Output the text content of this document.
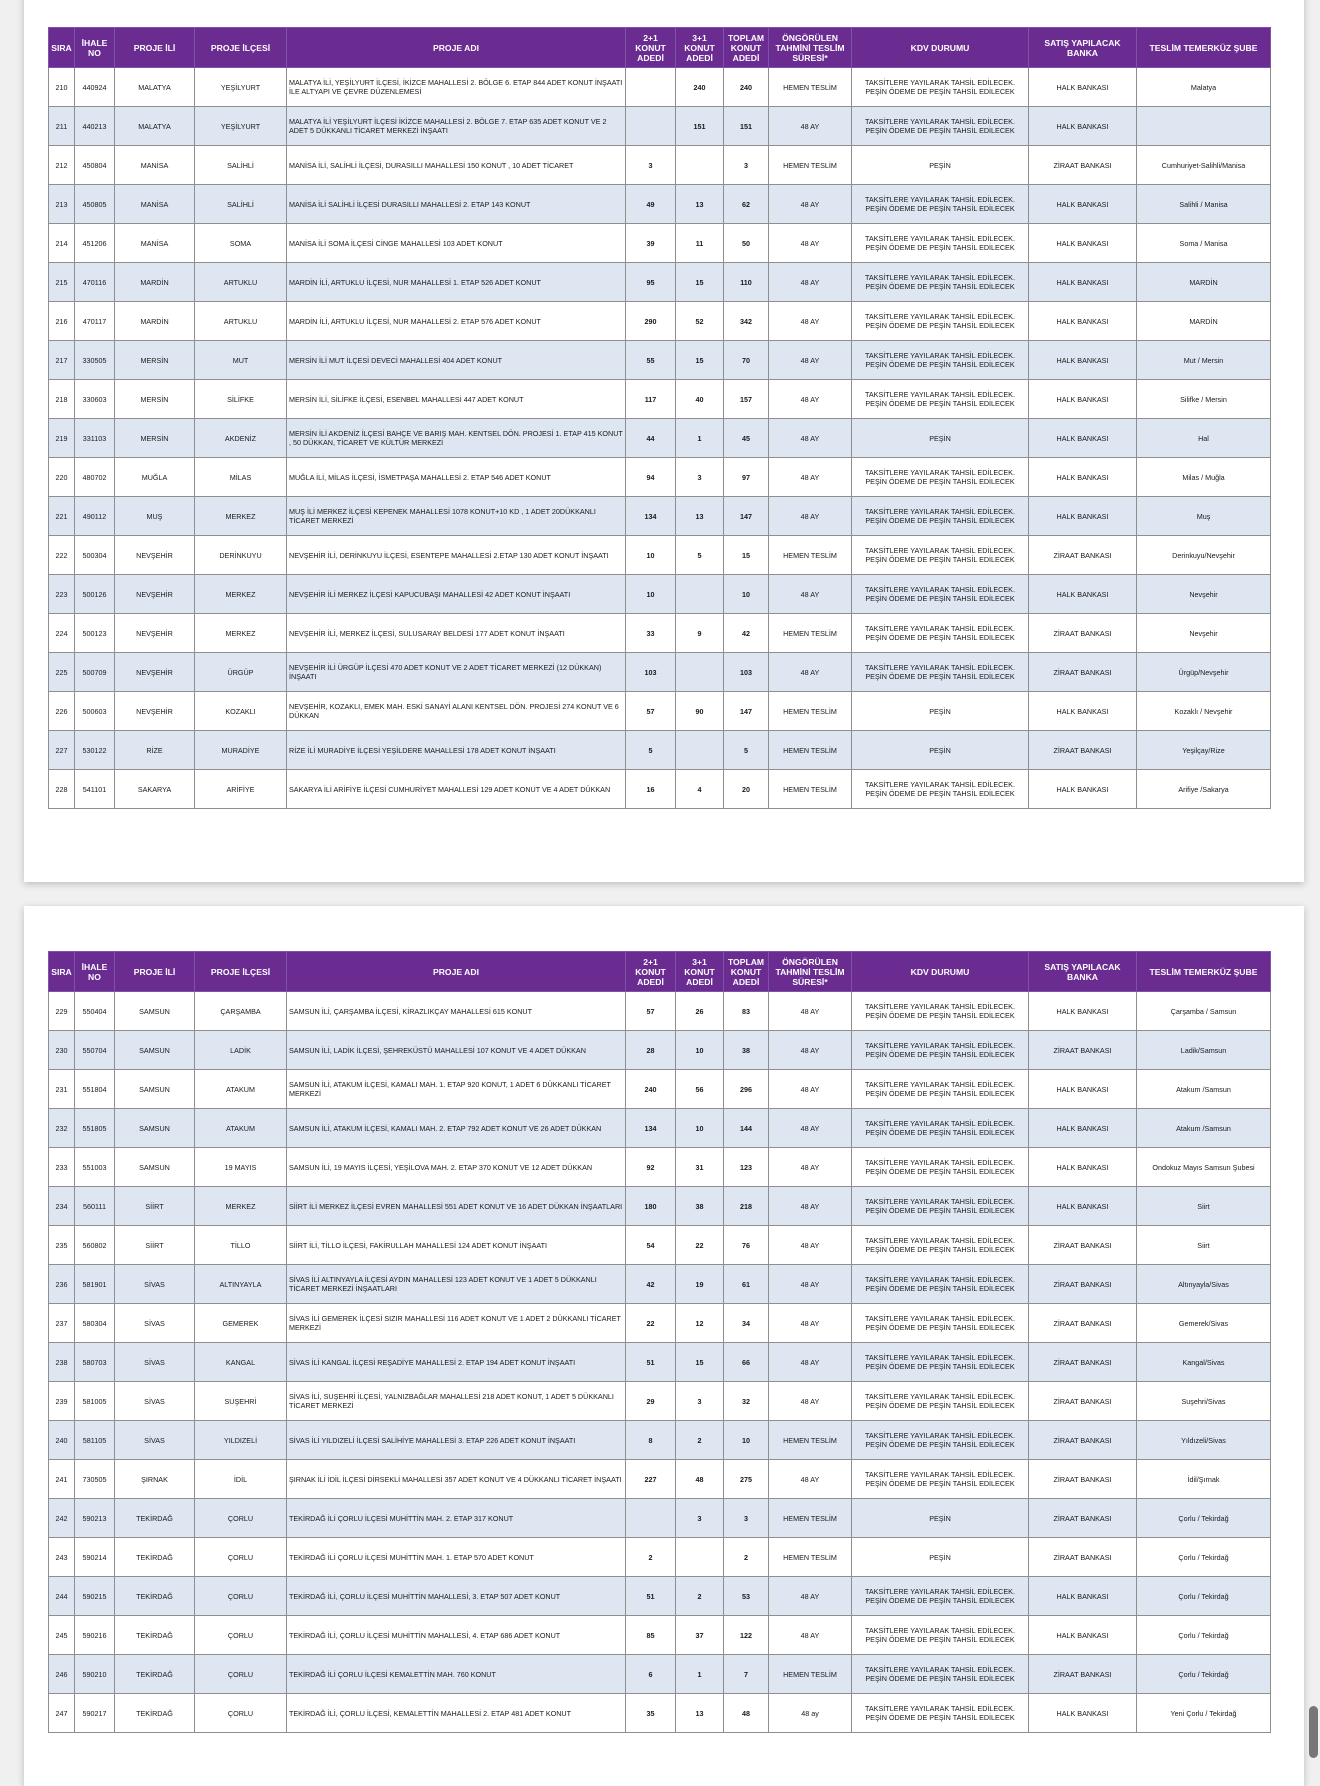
SIRA	İHALE NO	PROJE İLİ	PROJE İLÇESİ	PROJE ADI	2+1 KONUT ADEDİ	3+1 KONUT ADEDİ	TOPLAM KONUT ADEDİ	ÖNGÖRÜLEN TAHMİNİ TESLİM SÜRESİ*	KDV DURUMU	SATIŞ YAPILACAK BANKA	TESLİM TEMERKÜZ ŞUBE
210	440924	MALATYA	YEŞİLYURT	MALATYA İLİ, YEŞİLYURT İLÇESİ, İKİZCE MAHALLESİ 2. BÖLGE 6. ETAP 844 ADET KONUT İNŞAATI İLE ALTYAPI VE ÇEVRE DÜZENLEMESİ		240	240	HEMEN TESLİM	TAKSİTLERE YAYILARAK TAHSİL EDİLECEK. PEŞİN ÖDEME DE PEŞİN TAHSİL EDİLECEK	HALK BANKASI	Malatya
211	440213	MALATYA	YEŞİLYURT	MALATYA İLİ YEŞİLYURT İLÇESİ İKİZCE MAHALLESİ 2. BÖLGE 7. ETAP 635 ADET KONUT VE 2 ADET 5 DÜKKANLI TİCARET MERKEZİ İNŞAATI		151	151	48 AY	TAKSİTLERE YAYILARAK TAHSİL EDİLECEK. PEŞİN ÖDEME DE PEŞİN TAHSİL EDİLECEK	HALK BANKASI	
212	450804	MANİSA	SALİHLİ	MANİSA İLİ, SALİHLİ İLÇESİ, DURASILLI MAHALLESİ 150 KONUT , 10 ADET TİCARET	3		3	HEMEN TESLİM	PEŞİN	ZİRAAT BANKASI	Cumhuriyet-Salihli/Manisa
213	450805	MANİSA	SALİHLİ	MANİSA İLİ SALİHLİ İLÇESİ DURASILLI MAHALLESİ 2. ETAP 143 KONUT	49	13	62	48 AY	TAKSİTLERE YAYILARAK TAHSİL EDİLECEK. PEŞİN ÖDEME DE PEŞİN TAHSİL EDİLECEK	HALK BANKASI	Salihli / Manisa
214	451206	MANİSA	SOMA	MANİSA İLİ SOMA İLÇESİ CİNGE MAHALLESİ 103 ADET KONUT	39	11	50	48 AY	TAKSİTLERE YAYILARAK TAHSİL EDİLECEK. PEŞİN ÖDEME DE PEŞİN TAHSİL EDİLECEK	HALK BANKASI	Soma / Manisa
215	470116	MARDİN	ARTUKLU	MARDİN İLİ, ARTUKLU İLÇESİ, NUR MAHALLESİ 1. ETAP 526 ADET KONUT	95	15	110	48 AY	TAKSİTLERE YAYILARAK TAHSİL EDİLECEK. PEŞİN ÖDEME DE PEŞİN TAHSİL EDİLECEK	HALK BANKASI	MARDİN
216	470117	MARDİN	ARTUKLU	MARDİN İLİ, ARTUKLU İLÇESİ, NUR MAHALLESİ 2. ETAP 576 ADET KONUT	290	52	342	48 AY	TAKSİTLERE YAYILARAK TAHSİL EDİLECEK. PEŞİN ÖDEME DE PEŞİN TAHSİL EDİLECEK	HALK BANKASI	MARDİN
217	330505	MERSİN	MUT	MERSİN İLİ MUT İLÇESİ DEVECİ MAHALLESİ 404 ADET KONUT	55	15	70	48 AY	TAKSİTLERE YAYILARAK TAHSİL EDİLECEK. PEŞİN ÖDEME DE PEŞİN TAHSİL EDİLECEK	HALK BANKASI	Mut / Mersin
218	330603	MERSİN	SİLİFKE	MERSİN İLİ, SİLİFKE İLÇESİ, ESENBEL MAHALLESİ 447 ADET KONUT	117	40	157	48 AY	TAKSİTLERE YAYILARAK TAHSİL EDİLECEK. PEŞİN ÖDEME DE PEŞİN TAHSİL EDİLECEK	HALK BANKASI	Silifke / Mersin
219	331103	MERSİN	AKDENİZ	MERSİN İLİ AKDENİZ İLÇESİ BAHÇE VE BARIŞ MAH. KENTSEL DÖN. PROJESİ 1. ETAP 415 KONUT , 50 DÜKKAN, TİCARET VE KÜLTÜR MERKEZİ	44	1	45	48 AY	PEŞİN	HALK BANKASI	Hal
220	480702	MUĞLA	MİLAS	MUĞLA İLİ, MİLAS İLÇESİ, İSMETPAŞA MAHALLESİ 2. ETAP 546 ADET KONUT	94	3	97	48 AY	TAKSİTLERE YAYILARAK TAHSİL EDİLECEK. PEŞİN ÖDEME DE PEŞİN TAHSİL EDİLECEK	HALK BANKASI	Milas / Muğla
221	490112	MUŞ	MERKEZ	MUŞ İLİ MERKEZ İLÇESİ KEPENEK MAHALLESİ 1078 KONUT+10 KD , 1 ADET 20DÜKKANLI TİCARET MERKEZİ	134	13	147	48 AY	TAKSİTLERE YAYILARAK TAHSİL EDİLECEK. PEŞİN ÖDEME DE PEŞİN TAHSİL EDİLECEK	HALK BANKASI	Muş
222	500304	NEVŞEHİR	DERİNKUYU	NEVŞEHİR İLİ, DERİNKUYU İLÇESİ, ESENTEPE MAHALLESİ 2.ETAP 130 ADET KONUT İNŞAATI	10	5	15	HEMEN TESLİM	TAKSİTLERE YAYILARAK TAHSİL EDİLECEK. PEŞİN ÖDEME DE PEŞİN TAHSİL EDİLECEK	ZİRAAT BANKASI	Derinkuyu/Nevşehir
223	500126	NEVŞEHİR	MERKEZ	NEVŞEHİR İLİ MERKEZ İLÇESİ KAPUCUBAŞI MAHALLESİ 42 ADET KONUT İNŞAATI	10		10	48 AY	TAKSİTLERE YAYILARAK TAHSİL EDİLECEK. PEŞİN ÖDEME DE PEŞİN TAHSİL EDİLECEK	HALK BANKASI	Nevşehir
224	500123	NEVŞEHİR	MERKEZ	NEVŞEHİR İLİ, MERKEZ İLÇESİ, SULUSARAY BELDESİ 177 ADET KONUT İNŞAATI	33	9	42	HEMEN TESLİM	TAKSİTLERE YAYILARAK TAHSİL EDİLECEK. PEŞİN ÖDEME DE PEŞİN TAHSİL EDİLECEK	ZİRAAT BANKASI	Nevşehir
225	500709	NEVŞEHİR	ÜRGÜP	NEVŞEHİR İLİ ÜRGÜP İLÇESİ 470 ADET KONUT VE 2 ADET TİCARET MERKEZİ (12 DÜKKAN) İNŞAATI	103		103	48 AY	TAKSİTLERE YAYILARAK TAHSİL EDİLECEK. PEŞİN ÖDEME DE PEŞİN TAHSİL EDİLECEK	ZİRAAT BANKASI	Ürgüp/Nevşehir
226	500603	NEVŞEHİR	KOZAKLI	NEVŞEHİR, KOZAKLI, EMEK MAH. ESKİ SANAYİ ALANI KENTSEL DÖN. PROJESİ 274 KONUT VE 6 DÜKKAN	57	90	147	HEMEN TESLİM	PEŞİN	HALK BANKASI	Kozaklı / Nevşehir
227	530122	RİZE	MURADİYE	RİZE İLİ MURADİYE İLÇESİ YEŞİLDERE MAHALLESİ 178 ADET KONUT İNŞAATI	5		5	HEMEN TESLİM	PEŞİN	ZİRAAT BANKASI	Yeşilçay/Rize
228	541101	SAKARYA	ARİFİYE	SAKARYA İLİ ARİFİYE İLÇESİ CUMHURİYET MAHALLESİ 129 ADET KONUT VE 4 ADET DÜKKAN	16	4	20	HEMEN TESLİM	TAKSİTLERE YAYILARAK TAHSİL EDİLECEK. PEŞİN ÖDEME DE PEŞİN TAHSİL EDİLECEK	HALK BANKASI	Arifiye /Sakarya
SIRA	İHALE NO	PROJE İLİ	PROJE İLÇESİ	PROJE ADI	2+1 KONUT ADEDİ	3+1 KONUT ADEDİ	TOPLAM KONUT ADEDİ	ÖNGÖRÜLEN TAHMİNİ TESLİM SÜRESİ*	KDV DURUMU	SATIŞ YAPILACAK BANKA	TESLİM TEMERKÜZ ŞUBE
229	550404	SAMSUN	ÇARŞAMBA	SAMSUN İLİ, ÇARŞAMBA İLÇESİ, KİRAZLIKÇAY MAHALLESİ 615 KONUT	57	26	83	48 AY	TAKSİTLERE YAYILARAK TAHSİL EDİLECEK. PEŞİN ÖDEME DE PEŞİN TAHSİL EDİLECEK	HALK BANKASI	Çarşamba / Samsun
230	550704	SAMSUN	LADİK	SAMSUN İLİ, LADİK İLÇESİ, ŞEHREKÜSTÜ MAHALLESİ 107 KONUT VE 4 ADET DÜKKAN	28	10	38	48 AY	TAKSİTLERE YAYILARAK TAHSİL EDİLECEK. PEŞİN ÖDEME DE PEŞİN TAHSİL EDİLECEK	ZİRAAT BANKASI	Ladik/Samsun
231	551804	SAMSUN	ATAKUM	SAMSUN İLİ, ATAKUM İLÇESİ, KAMALI MAH. 1. ETAP 920 KONUT, 1 ADET 6 DÜKKANLI TİCARET MERKEZİ	240	56	296	48 AY	TAKSİTLERE YAYILARAK TAHSİL EDİLECEK. PEŞİN ÖDEME DE PEŞİN TAHSİL EDİLECEK	HALK BANKASI	Atakum /Samsun
232	551805	SAMSUN	ATAKUM	SAMSUN İLİ, ATAKUM İLÇESİ, KAMALI MAH. 2. ETAP 792 ADET KONUT VE 26 ADET DÜKKAN	134	10	144	48 AY	TAKSİTLERE YAYILARAK TAHSİL EDİLECEK. PEŞİN ÖDEME DE PEŞİN TAHSİL EDİLECEK	HALK BANKASI	Atakum /Samsun
233	551003	SAMSUN	19 MAYIS	SAMSUN İLİ, 19 MAYIS İLÇESİ, YEŞİLOVA MAH. 2. ETAP 370 KONUT VE 12 ADET DÜKKAN	92	31	123	48 AY	TAKSİTLERE YAYILARAK TAHSİL EDİLECEK. PEŞİN ÖDEME DE PEŞİN TAHSİL EDİLECEK	HALK BANKASI	Ondokuz Mayıs Samsun Şubesi
234	560111	SİİRT	MERKEZ	SİİRT İLİ MERKEZ İLÇESİ EVREN MAHALLESİ 551 ADET KONUT VE 16 ADET DÜKKAN İNŞAATLARI	180	38	218	48 AY	TAKSİTLERE YAYILARAK TAHSİL EDİLECEK. PEŞİN ÖDEME DE PEŞİN TAHSİL EDİLECEK	HALK BANKASI	Siirt
235	560802	SİİRT	TİLLO	SİİRT İLİ, TİLLO İLÇESİ, FAKİRULLAH MAHALLESİ 124 ADET KONUT İNŞAATI	54	22	76	48 AY	TAKSİTLERE YAYILARAK TAHSİL EDİLECEK. PEŞİN ÖDEME DE PEŞİN TAHSİL EDİLECEK	ZİRAAT BANKASI	Siirt
236	581901	SİVAS	ALTINYAYLA	SİVAS İLİ ALTINYAYLA İLÇESİ AYDIN MAHALLESİ 123 ADET KONUT VE 1 ADET 5 DÜKKANLI TİCARET MERKEZİ İNŞAATLARI	42	19	61	48 AY	TAKSİTLERE YAYILARAK TAHSİL EDİLECEK. PEŞİN ÖDEME DE PEŞİN TAHSİL EDİLECEK	ZİRAAT BANKASI	Altınyayla/Sivas
237	580304	SİVAS	GEMEREK	SİVAS İLİ GEMEREK İLÇESİ SIZIR MAHALLESİ 116 ADET KONUT VE 1 ADET 2 DÜKKANLI TİCARET MERKEZİ	22	12	34	48 AY	TAKSİTLERE YAYILARAK TAHSİL EDİLECEK. PEŞİN ÖDEME DE PEŞİN TAHSİL EDİLECEK	ZİRAAT BANKASI	Gemerek/Sivas
238	580703	SİVAS	KANGAL	SİVAS İLİ KANGAL İLÇESİ REŞADİYE MAHALLESİ 2. ETAP 194 ADET KONUT İNŞAATI	51	15	66	48 AY	TAKSİTLERE YAYILARAK TAHSİL EDİLECEK. PEŞİN ÖDEME DE PEŞİN TAHSİL EDİLECEK	ZİRAAT BANKASI	Kangal/Sivas
239	581005	SİVAS	SUŞEHRİ	SİVAS İLİ, SUŞEHRİ İLÇESİ, YALNIZBAĞLAR MAHALLESİ 218 ADET KONUT, 1 ADET 5 DÜKKANLI TİCARET MERKEZİ	29	3	32	48 AY	TAKSİTLERE YAYILARAK TAHSİL EDİLECEK. PEŞİN ÖDEME DE PEŞİN TAHSİL EDİLECEK	ZİRAAT BANKASI	Suşehri/Sivas
240	581105	SİVAS	YILDIZELİ	SİVAS İLİ YILDIZELİ İLÇESİ SALİHİYE MAHALLESİ 3. ETAP 226 ADET KONUT İNŞAATI	8	2	10	HEMEN TESLİM	TAKSİTLERE YAYILARAK TAHSİL EDİLECEK. PEŞİN ÖDEME DE PEŞİN TAHSİL EDİLECEK	ZİRAAT BANKASI	Yıldızeli/Sivas
241	730505	ŞIRNAK	İDİL	ŞIRNAK İLİ İDİL İLÇESİ DİRSEKLİ MAHALLESİ 357 ADET KONUT VE 4 DÜKKANLI TİCARET İNŞAATI	227	48	275	48 AY	TAKSİTLERE YAYILARAK TAHSİL EDİLECEK. PEŞİN ÖDEME DE PEŞİN TAHSİL EDİLECEK	ZİRAAT BANKASI	İdil/Şırnak
242	590213	TEKİRDAĞ	ÇORLU	TEKİRDAĞ İLİ ÇORLU İLÇESİ MUHİTTİN MAH. 2. ETAP 317 KONUT		3	3	HEMEN TESLİM	PEŞİN	ZİRAAT BANKASI	Çorlu / Tekirdağ
243	590214	TEKİRDAĞ	ÇORLU	TEKİRDAĞ İLİ ÇORLU İLÇESİ MUHİTTİN MAH. 1. ETAP 570 ADET KONUT	2		2	HEMEN TESLİM	PEŞİN	ZİRAAT BANKASI	Çorlu / Tekirdağ
244	590215	TEKİRDAĞ	ÇORLU	TEKİRDAĞ İLİ, ÇORLU İLÇESİ MUHİTTİN MAHALLESİ, 3. ETAP 507 ADET KONUT	51	2	53	48 AY	TAKSİTLERE YAYILARAK TAHSİL EDİLECEK. PEŞİN ÖDEME DE PEŞİN TAHSİL EDİLECEK	HALK BANKASI	Çorlu / Tekirdağ
245	590216	TEKİRDAĞ	ÇORLU	TEKİRDAĞ İLİ, ÇORLU İLÇESİ MUHİTTİN MAHALLESİ, 4. ETAP 686 ADET KONUT	85	37	122	48 AY	TAKSİTLERE YAYILARAK TAHSİL EDİLECEK. PEŞİN ÖDEME DE PEŞİN TAHSİL EDİLECEK	HALK BANKASI	Çorlu / Tekirdağ
246	590210	TEKİRDAĞ	ÇORLU	TEKİRDAĞ İLİ ÇORLU İLÇESİ KEMALETTİN MAH. 760 KONUT	6	1	7	HEMEN TESLİM	TAKSİTLERE YAYILARAK TAHSİL EDİLECEK. PEŞİN ÖDEME DE PEŞİN TAHSİL EDİLECEK	ZİRAAT BANKASI	Çorlu / Tekirdağ
247	590217	TEKİRDAĞ	ÇORLU	TEKİRDAĞ İLİ, ÇORLU İLÇESİ, KEMALETTİN MAHALLESİ 2. ETAP 481 ADET KONUT	35	13	48	48 ay	TAKSİTLERE YAYILARAK TAHSİL EDİLECEK. PEŞİN ÖDEME DE PEŞİN TAHSİL EDİLECEK	HALK BANKASI	Yeni Çorlu / Tekirdağ
